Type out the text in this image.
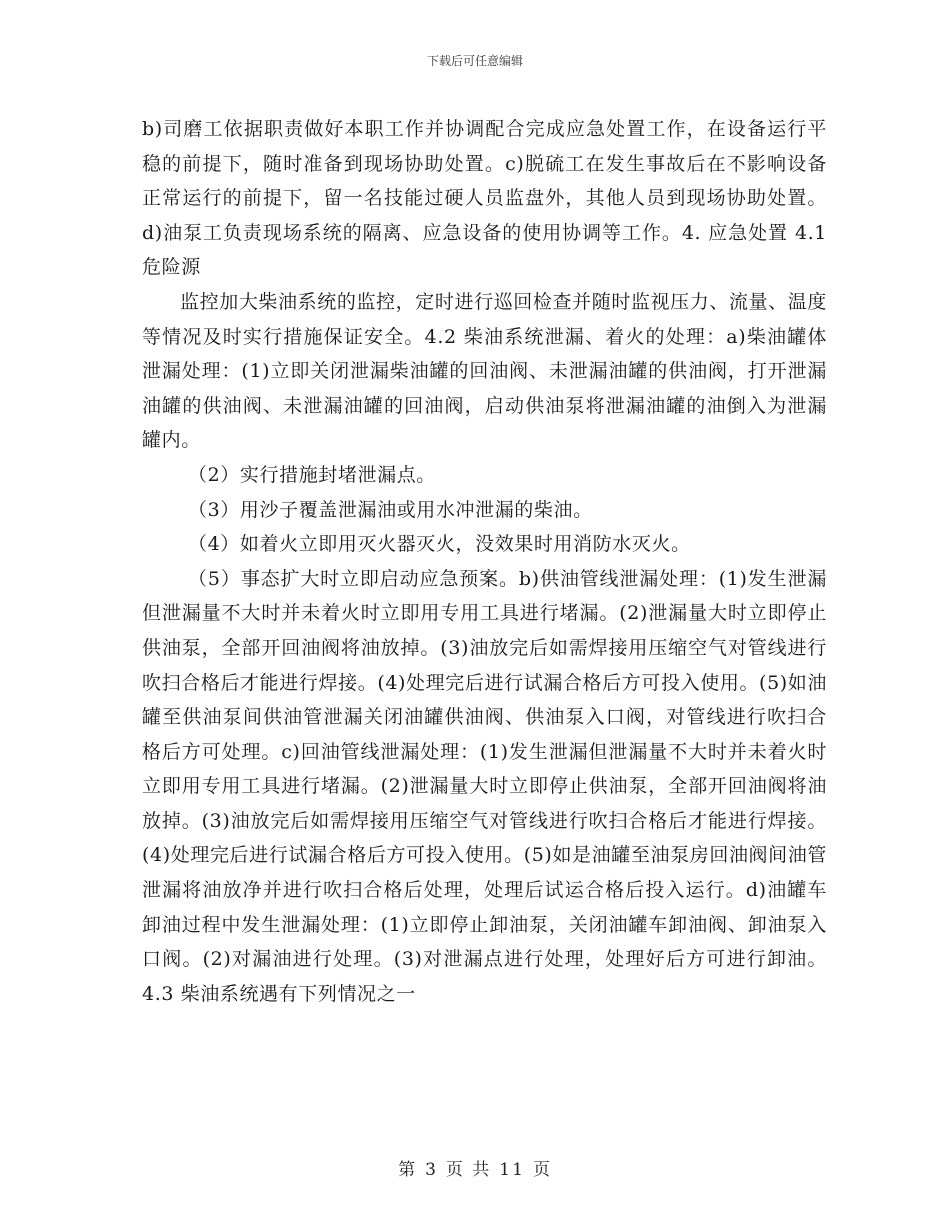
下载后可任意编辑

b)司磨工依据职责做好本职工作并协调配合完成应急处置工作，在设备运行平稳的前提下，随时准备到现场协助处置。c)脱硫工在发生事故后在不影响设备正常运行的前提下，留一名技能过硬人员监盘外，其他人员到现场协助处置。d)油泵工负责现场系统的隔离、应急设备的使用协调等工作。4. 应急处置 4.1 危险源

监控加大柴油系统的监控，定时进行巡回检查并随时监视压力、流量、温度等情况及时实行措施保证安全。4.2 柴油系统泄漏、着火的处理：a)柴油罐体泄漏处理：(1)立即关闭泄漏柴油罐的回油阀、未泄漏油罐的供油阀，打开泄漏油罐的供油阀、未泄漏油罐的回油阀，启动供油泵将泄漏油罐的油倒入为泄漏罐内。

（2）实行措施封堵泄漏点。

（3）用沙子覆盖泄漏油或用水冲泄漏的柴油。

（4）如着火立即用灭火器灭火，没效果时用消防水灭火。

（5）事态扩大时立即启动应急预案。b)供油管线泄漏处理：(1)发生泄漏但泄漏量不大时并未着火时立即用专用工具进行堵漏。(2)泄漏量大时立即停止供油泵，全部开回油阀将油放掉。(3)油放完后如需焊接用压缩空气对管线进行吹扫合格后才能进行焊接。(4)处理完后进行试漏合格后方可投入使用。(5)如油罐至供油泵间供油管泄漏关闭油罐供油阀、供油泵入口阀，对管线进行吹扫合格后方可处理。c)回油管线泄漏处理：(1)发生泄漏但泄漏量不大时并未着火时立即用专用工具进行堵漏。(2)泄漏量大时立即停止供油泵，全部开回油阀将油放掉。(3)油放完后如需焊接用压缩空气对管线进行吹扫合格后才能进行焊接。(4)处理完后进行试漏合格后方可投入使用。(5)如是油罐至油泵房回油阀间油管泄漏将油放净并进行吹扫合格后处理，处理后试运合格后投入运行。d)油罐车卸油过程中发生泄漏处理：(1)立即停止卸油泵，关闭油罐车卸油阀、卸油泵入口阀。(2)对漏油进行处理。(3)对泄漏点进行处理，处理好后方可进行卸油。4.3 柴油系统遇有下列情况之一

第 3 页 共 11 页
